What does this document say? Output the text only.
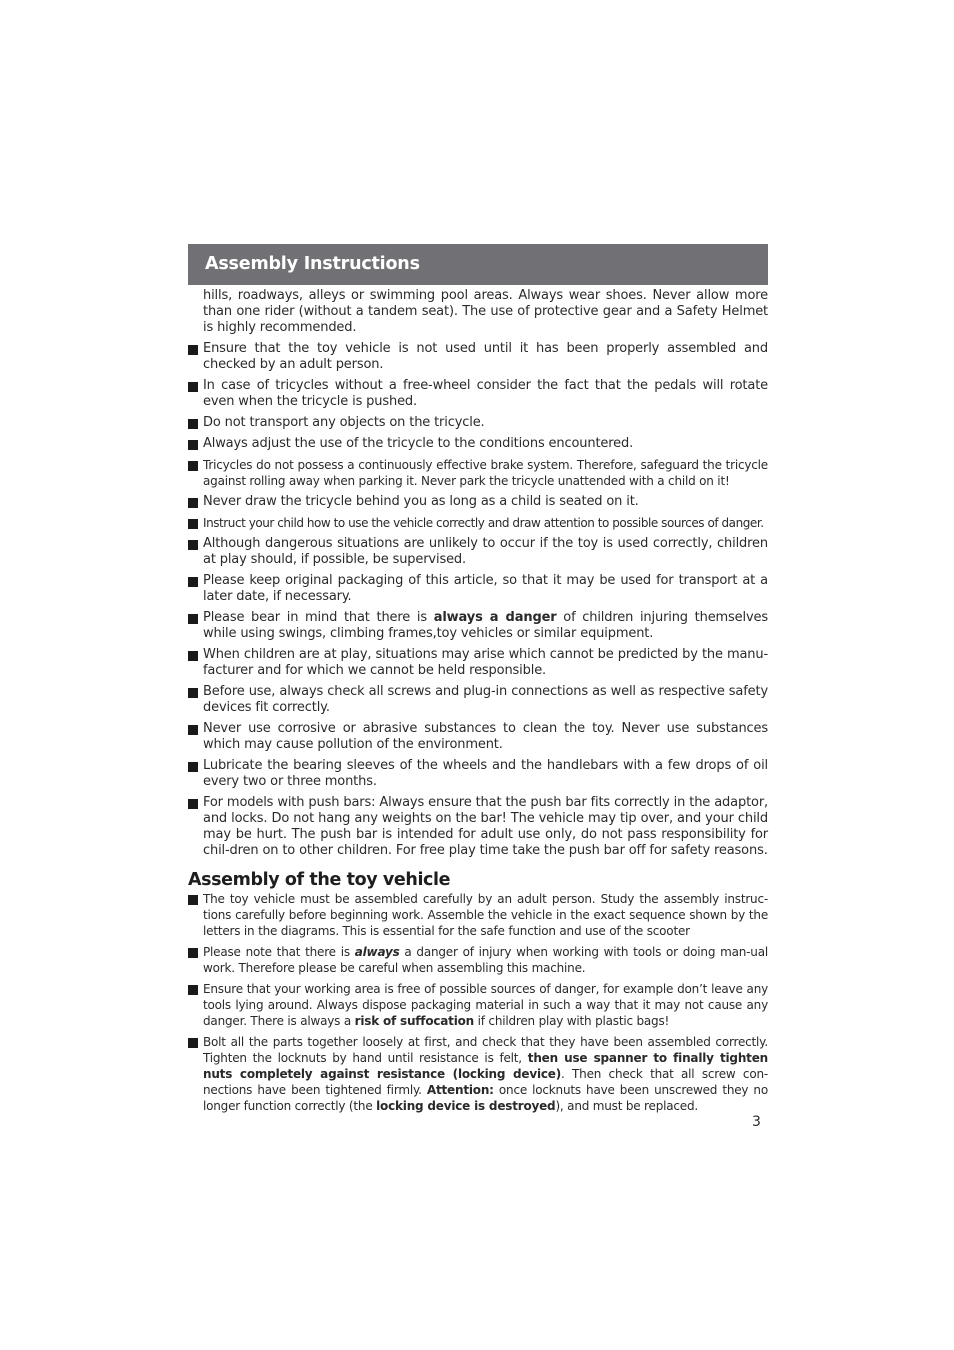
Assembly Instructions

hills, roadways, alleys or swimming pool areas. Always wear shoes. Never allow more than one rider (without a tandem seat). The use of protective gear and a Safety Helmet is highly recommended.

Ensure that the toy vehicle is not used until it has been properly assembled and checked by an adult person.
In case of tricycles without a free-wheel consider the fact that the pedals will rotate even when the tricycle is pushed.
Do not transport any objects on the tricycle.
Always adjust the use of the tricycle to the conditions encountered.
Tricycles do not possess a continuously effective brake system. Therefore, safeguard the tricycle against rolling away when parking it. Never park the tricycle unattended with a child on it!
Never draw the tricycle behind you as long as a child is seated on it.
Instruct your child how to use the vehicle correctly and draw attention to possible sources of danger.
Although dangerous situations are unlikely to occur if the toy is used correctly, children at play should, if possible, be supervised.
Please keep original packaging of this article, so that it may be used for transport at a later date, if necessary.
Please bear in mind that there is always a danger of children injuring themselves while using swings, climbing frames,toy vehicles or similar equipment.
When children are at play, situations may arise which cannot be predicted by the manu-facturer and for which we cannot be held responsible.
Before use, always check all screws and plug-in connections as well as respective safety devices fit correctly.
Never use corrosive or abrasive substances to clean the toy. Never use substances which may cause pollution of the environment.
Lubricate the bearing sleeves of the wheels and the handlebars with a few drops of oil every two or three months.
For models with push bars: Always ensure that the push bar fits correctly in the adaptor, and locks. Do not hang any weights on the bar! The vehicle may tip over, and your child may be hurt. The push bar is intended for adult use only, do not pass responsibility for chil-dren on to other children. For free play time take the push bar off for safety reasons.
Assembly of the toy vehicle
The toy vehicle must be assembled carefully by an adult person. Study the assembly instruc-tions carefully before beginning work. Assemble the vehicle in the exact sequence shown by the letters in the diagrams. This is essential for the safe function and use of the scooter
Please note that there is always a danger of injury when working with tools or doing man-ual work. Therefore please be careful when assembling this machine.
Ensure that your working area is free of possible sources of danger, for example don’t leave any tools lying around. Always dispose packaging material in such a way that it may not cause any danger. There is always a risk of suffocation if children play with plastic bags!
Bolt all the parts together loosely at first, and check that they have been assembled correctly. Tighten the locknuts by hand until resistance is felt, then use spanner to finally tighten nuts completely against resistance (locking device). Then check that all screw con-nections have been tightened firmly. Attention: once locknuts have been unscrewed they no longer function correctly (the locking device is destroyed), and must be replaced.
3
